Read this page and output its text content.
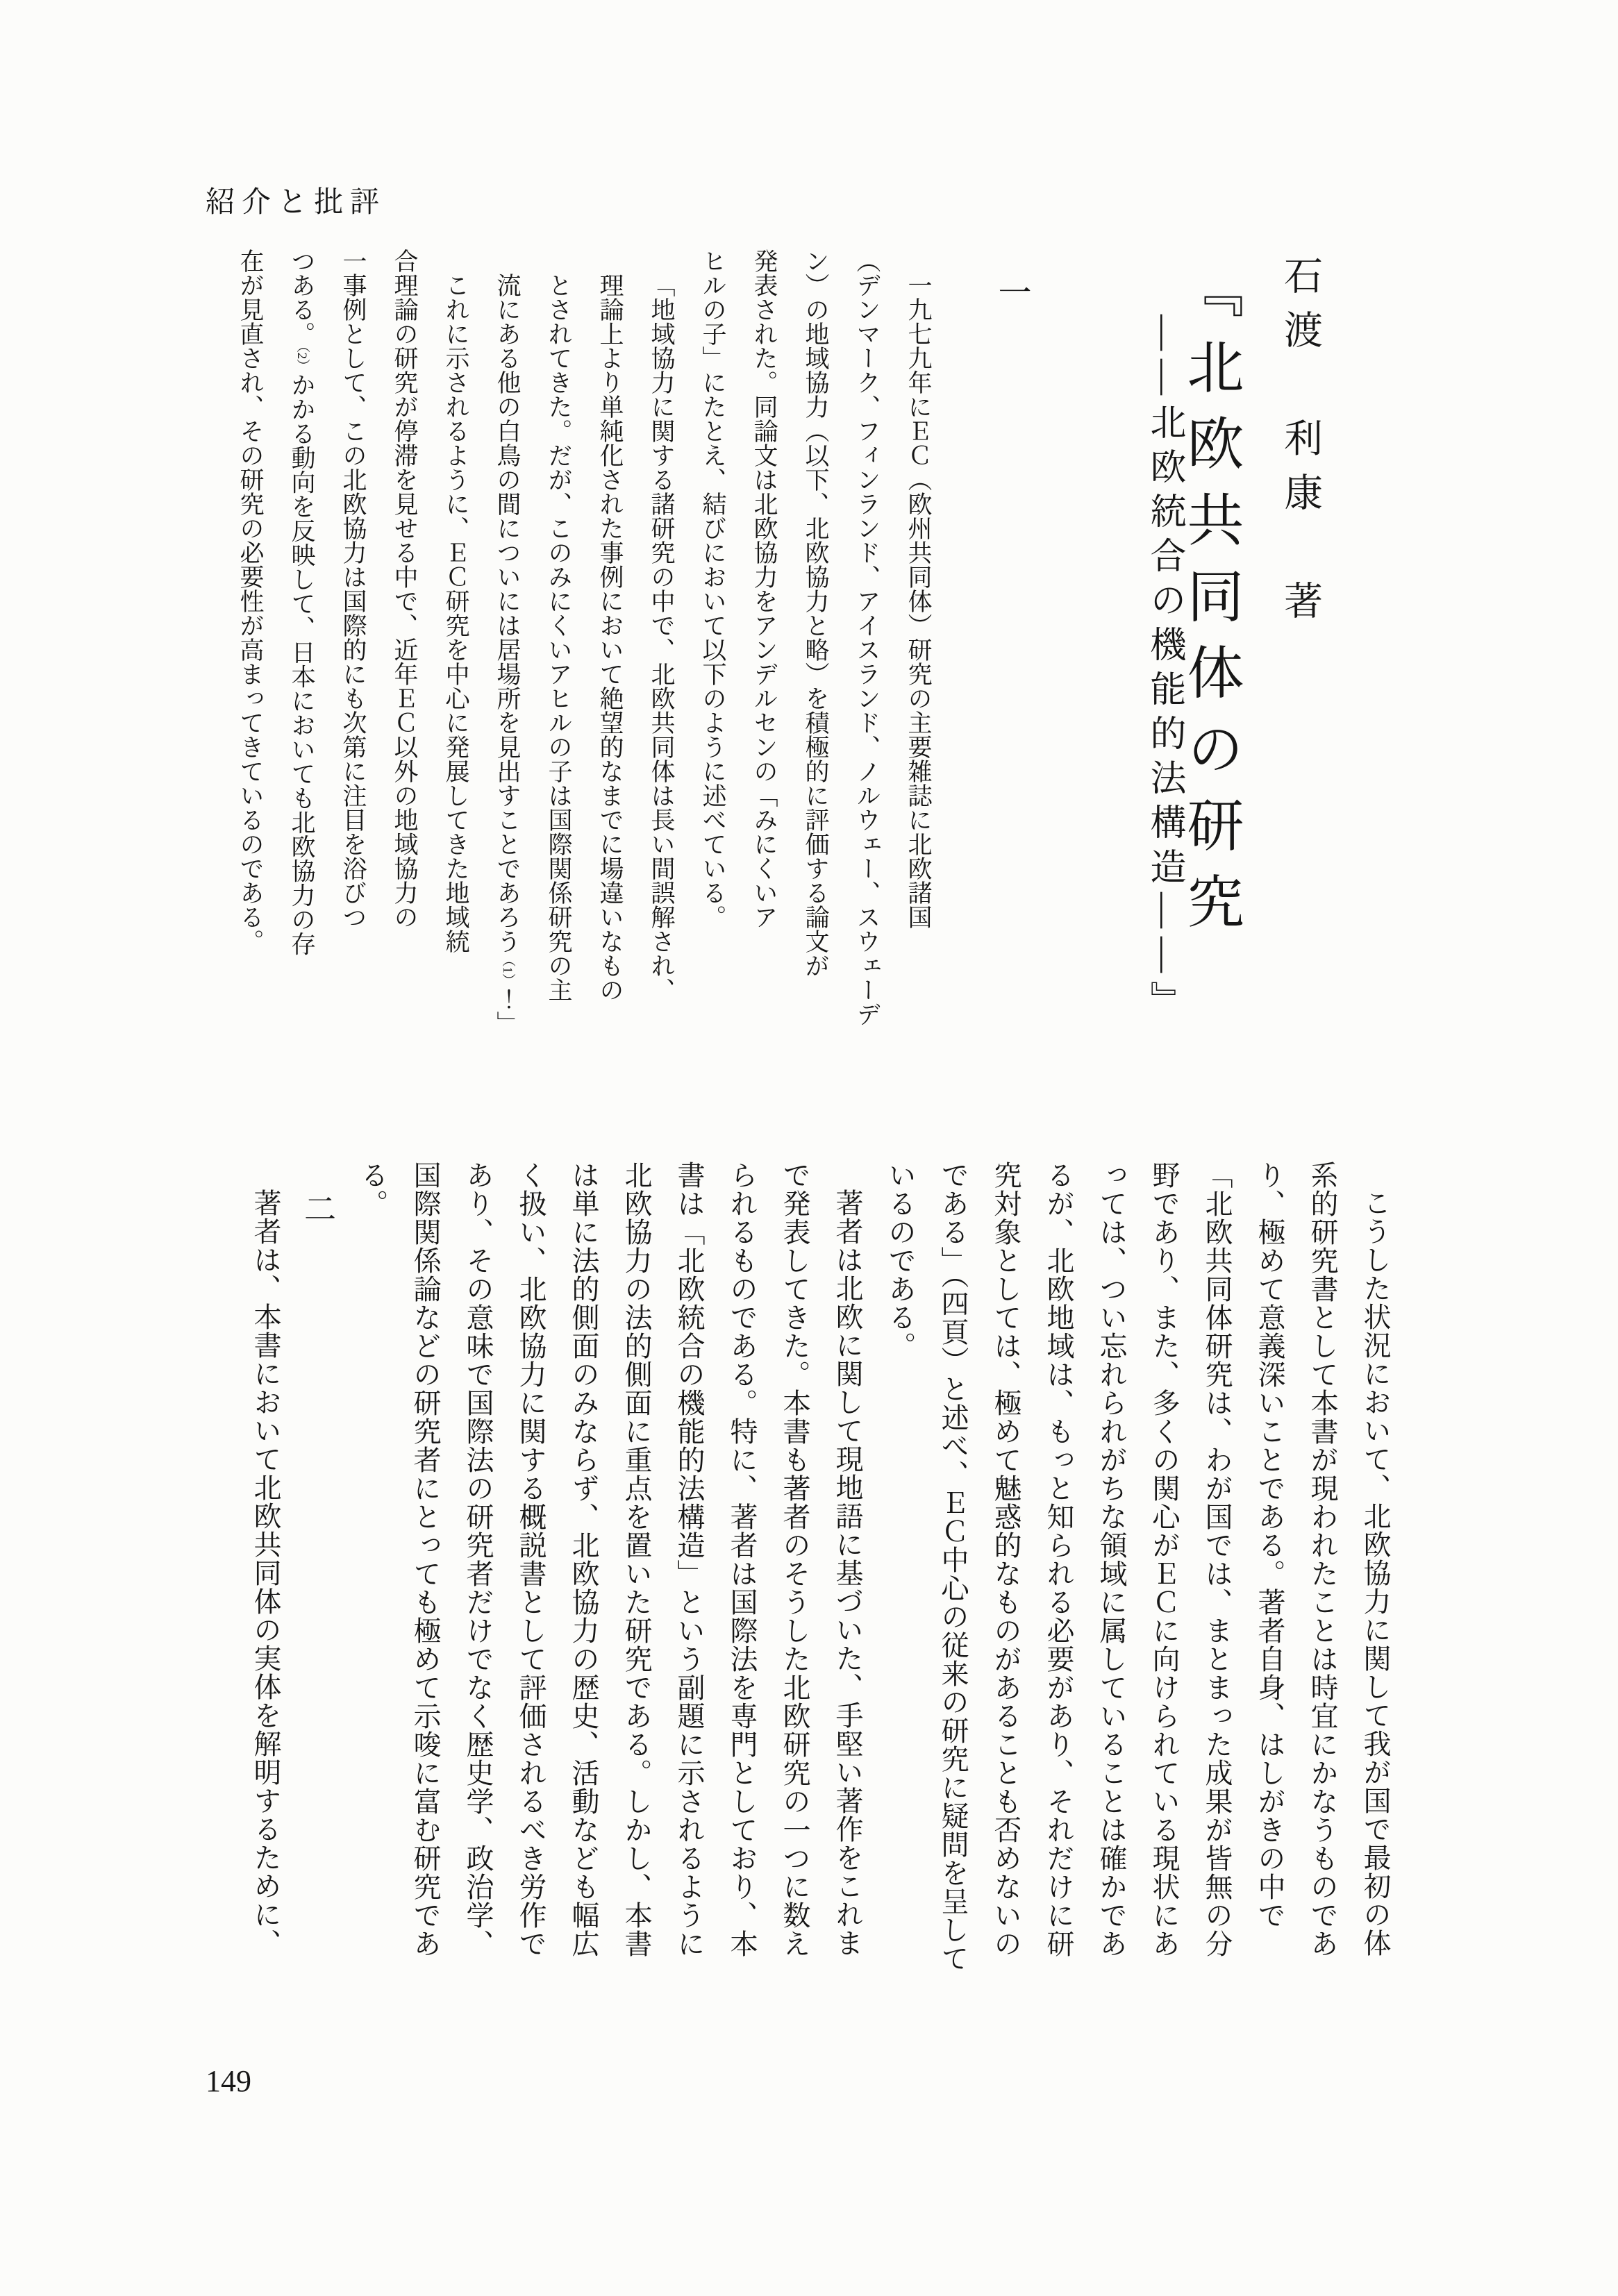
紹介と批評
石渡　利康　著
『北欧共同体の研究
――北欧統合の機能的法構造――』
一
一九七九年にＥＣ（欧州共同体）研究の主要雑誌に北欧諸国
（デンマーク、フィンランド、アイスランド、ノルウェー、スウェーデ
ン）の地域協力（以下、北欧協力と略）を積極的に評価する論文が
発表された。同論文は北欧協力をアンデルセンの「みにくいア
ヒルの子」にたとえ、結びにおいて以下のように述べている。
「地域協力に関する諸研究の中で、北欧共同体は長い間誤解され、
理論上より単純化された事例において絶望的なまでに場違いなもの
とされてきた。だが、このみにくいアヒルの子は国際関係研究の主
流にある他の白鳥の間についには居場所を見出すことであろう（1）！」
これに示されるように、ＥＣ研究を中心に発展してきた地域統
合理論の研究が停滞を見せる中で、近年ＥＣ以外の地域協力の
一事例として、この北欧協力は国際的にも次第に注目を浴びつ
つある。（2）かかる動向を反映して、日本においても北欧協力の存
在が見直され、その研究の必要性が高まってきているのである。
こうした状況において、北欧協力に関して我が国で最初の体
系的研究書として本書が現われたことは時宜にかなうものであ
り、極めて意義深いことである。著者自身、はしがきの中で
「北欧共同体研究は、わが国では、まとまった成果が皆無の分
野であり、また、多くの関心がＥＣに向けられている現状にあ
っては、つい忘れられがちな領域に属していることは確かであ
るが、北欧地域は、もっと知られる必要があり、それだけに研
究対象としては、極めて魅惑的なものがあることも否めないの
である」（四頁）と述べ、ＥＣ中心の従来の研究に疑問を呈して
いるのである。
著者は北欧に関して現地語に基づいた、手堅い著作をこれま
で発表してきた。本書も著者のそうした北欧研究の一つに数え
られるものである。特に、著者は国際法を専門としており、本
書は「北欧統合の機能的法構造」という副題に示されるように
北欧協力の法的側面に重点を置いた研究である。しかし、本書
は単に法的側面のみならず、北欧協力の歴史、活動なども幅広
く扱い、北欧協力に関する概説書として評価されるべき労作で
あり、その意味で国際法の研究者だけでなく歴史学、政治学、
国際関係論などの研究者にとっても極めて示唆に富む研究であ
る。
二
著者は、本書において北欧共同体の実体を解明するために、
149
